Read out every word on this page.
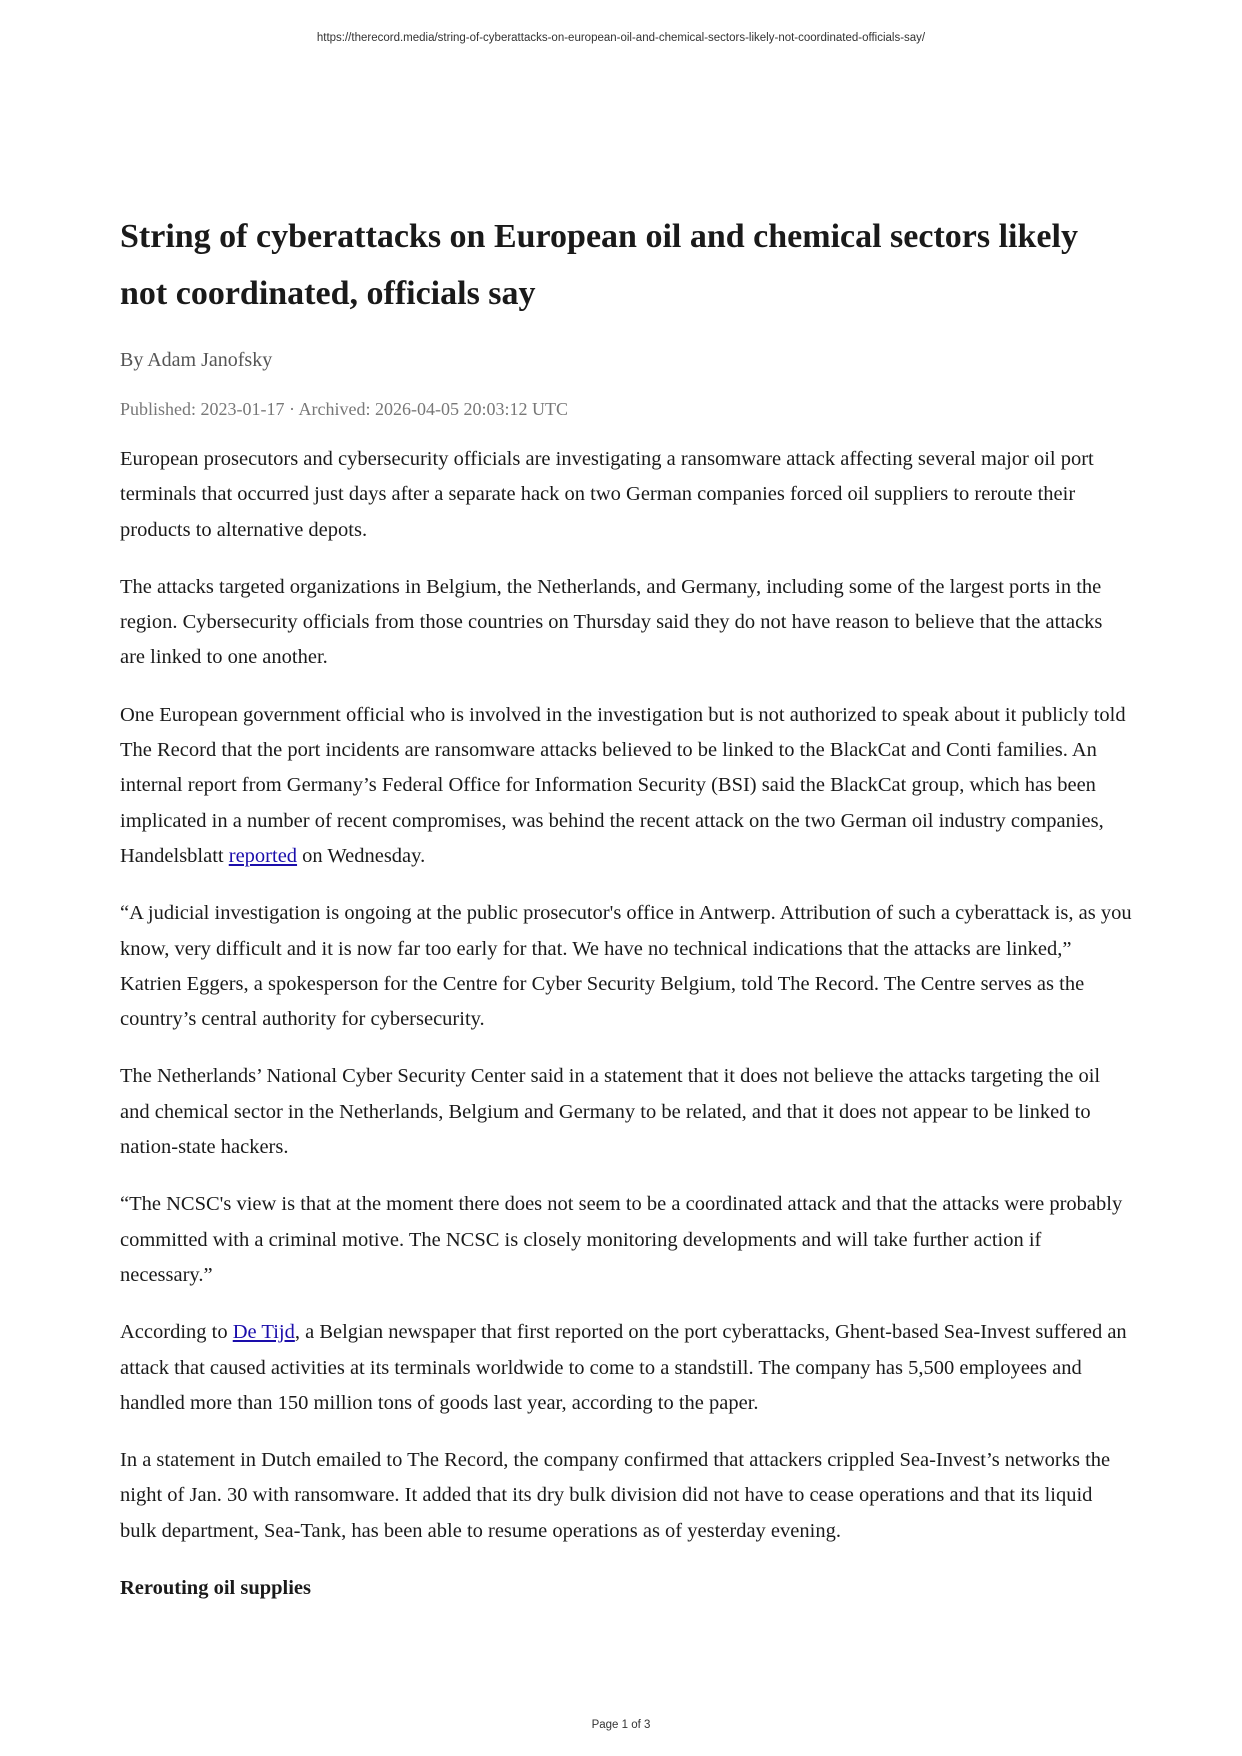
https://therecord.media/string-of-cyberattacks-on-european-oil-and-chemical-sectors-likely-not-coordinated-officials-say/
String of cyberattacks on European oil and chemical sectors likely not coordinated, officials say
By Adam Janofsky
Published: 2023-01-17 · Archived: 2026-04-05 20:03:12 UTC

European prosecutors and cybersecurity officials are investigating a ransomware attack affecting several major oil port terminals that occurred just days after a separate hack on two German companies forced oil suppliers to reroute their products to alternative depots.

The attacks targeted organizations in Belgium, the Netherlands, and Germany, including some of the largest ports in the region. Cybersecurity officials from those countries on Thursday said they do not have reason to believe that the attacks are linked to one another.

One European government official who is involved in the investigation but is not authorized to speak about it publicly told The Record that the port incidents are ransomware attacks believed to be linked to the BlackCat and Conti families. An internal report from Germany’s Federal Office for Information Security (BSI) said the BlackCat group, which has been implicated in a number of recent compromises, was behind the recent attack on the two German oil industry companies, Handelsblatt reported on Wednesday.

“A judicial investigation is ongoing at the public prosecutor's office in Antwerp. Attribution of such a cyberattack is, as you know, very difficult and it is now far too early for that. We have no technical indications that the attacks are linked,” Katrien Eggers, a spokesperson for the Centre for Cyber Security Belgium, told The Record. The Centre serves as the country’s central authority for cybersecurity.

The Netherlands’ National Cyber Security Center said in a statement that it does not believe the attacks targeting the oil and chemical sector in the Netherlands, Belgium and Germany to be related, and that it does not appear to be linked to nation-state hackers.

“The NCSC's view is that at the moment there does not seem to be a coordinated attack and that the attacks were probably committed with a criminal motive. The NCSC is closely monitoring developments and will take further action if necessary.”

According to De Tijd, a Belgian newspaper that first reported on the port cyberattacks, Ghent-based Sea-Invest suffered an attack that caused activities at its terminals worldwide to come to a standstill. The company has 5,500 employees and handled more than 150 million tons of goods last year, according to the paper.

In a statement in Dutch emailed to The Record, the company confirmed that attackers crippled Sea-Invest’s networks the night of Jan. 30 with ransomware. It added that its dry bulk division did not have to cease operations and that its liquid bulk department, Sea-Tank, has been able to resume operations as of yesterday evening.

Rerouting oil supplies
Page 1 of 3
